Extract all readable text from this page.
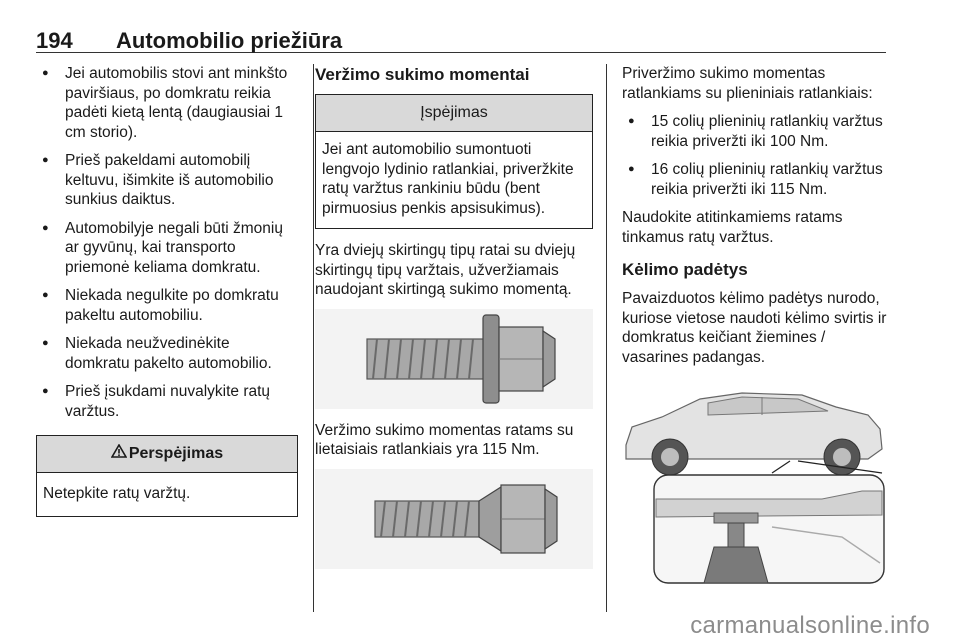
194 Automobilio priežiūra
● Jei automobilis stovi ant minkšto paviršiaus, po domkratu reikia padėti kietą lentą (daugiausiai 1 cm storio).
● Prieš pakeldami automobilį keltuvu, išimkite iš automobilio sunkius daiktus.
● Automobilyje negali būti žmonių ar gyvūnų, kai transporto priemonė keliama domkratu.
● Niekada negulkite po domkratu pakeltu automobiliu.
● Niekada neužvedinėkite domkratu pakelto automobilio.
● Prieš įsukdami nuvalykite ratų varžtus.
Perspėjimas
Netepkite ratų varžtų.
Veržimo sukimo momentai
Įspėjimas
Jei ant automobilio sumontuoti lengvojo lydinio ratlankiai, priveržkite ratų varžtus rankiniu būdu (bent pirmuosius penkis apsisukimus).

Yra dviejų skirtingų tipų ratai su dviejų skirtingų tipų varžtais, užveržiamais naudojant skirtingą sukimo momentą.

Veržimo sukimo momentas ratams su lietaisiais ratlankiais yra 115 Nm.

Priveržimo sukimo momentas ratlankiams su plieniniais ratlankiais:

● 15 colių plieninių ratlankių varžtus reikia priveržti iki 100 Nm.
● 16 colių plieninių ratlankių varžtus reikia priveržti iki 115 Nm.

Naudokite atitinkamiems ratams tinkamus ratų varžtus.

Kėlimo padėtys

Pavaizduotos kėlimo padėtys nurodo, kuriose vietose naudoti kėlimo svirtis ir domkratus keičiant žiemines / vasarines padangas.

carmanualsonline.info
